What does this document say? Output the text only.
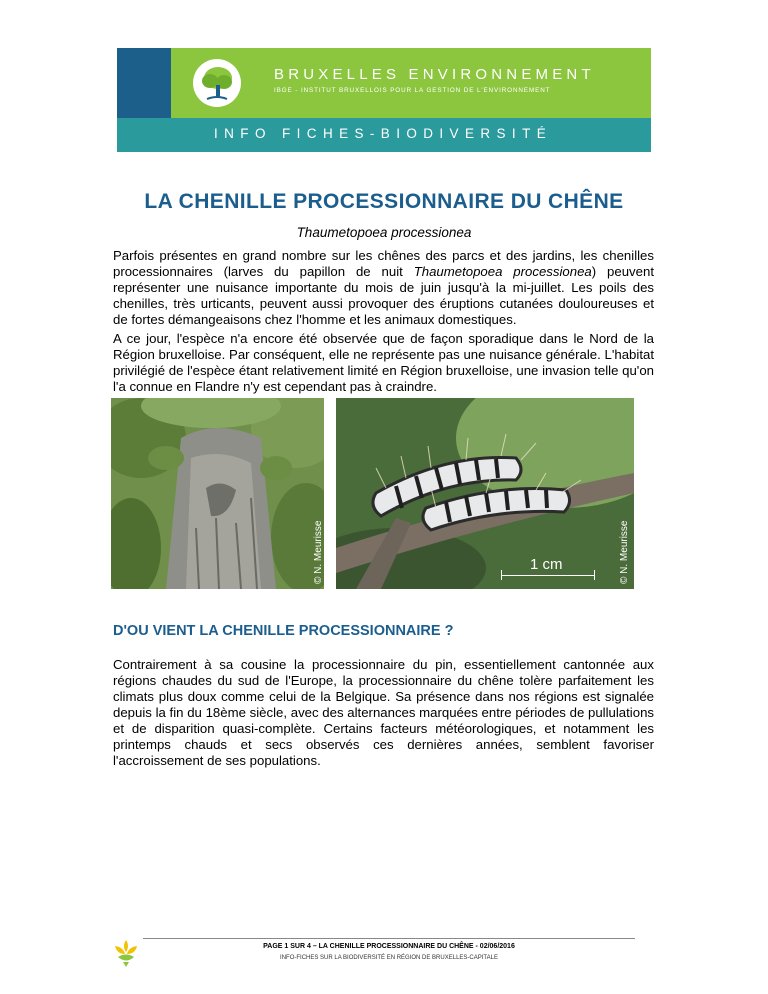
BRUXELLES ENVIRONNEMENT
IBGE - INSTITUT BRUXELLOIS POUR LA GESTION DE L'ENVIRONNEMENT
INFO FICHES-BIODIVERSITÉ
LA CHENILLE PROCESSIONNAIRE DU CHÊNE
Thaumetopoea processionea

Parfois présentes en grand nombre sur les chênes des parcs et des jardins, les chenilles processionnaires (larves du papillon de nuit Thaumetopoea processionea) peuvent représenter une nuisance importante du mois de juin jusqu'à la mi-juillet. Les poils des chenilles, très urticants, peuvent aussi provoquer des éruptions cutanées douloureuses et de fortes démangeaisons chez l'homme et les animaux domestiques.

A ce jour, l'espèce n'a encore été observée que de façon sporadique dans le Nord de la Région bruxelloise. Par conséquent, elle ne représente pas une nuisance générale. L'habitat privilégié de l'espèce étant relativement limité en Région bruxelloise, une invasion telle qu'on l'a connue en Flandre n'y est cependant pas à craindre.

© N. Meurisse	© N. Meurisse
1 cm
D'OU VIENT LA CHENILLE PROCESSIONNAIRE ?

Contrairement à sa cousine la processionnaire du pin, essentiellement cantonnée aux régions chaudes du sud de l'Europe, la processionnaire du chêne tolère parfaitement les climats plus doux comme celui de la Belgique. Sa présence dans nos régions est signalée depuis la fin du 18ème siècle, avec des alternances marquées entre périodes de pullulations et de disparition quasi-complète. Certains facteurs météorologiques, et notamment les printemps chauds et secs observés ces dernières années, semblent favoriser l'accroissement de ses populations.

PAGE 1 SUR 4 – LA CHENILLE PROCESSIONNAIRE DU CHÊNE - 02/06/2016
INFO-FICHES SUR LA BIODIVERSITÉ EN RÉGION DE BRUXELLES-CAPITALE
